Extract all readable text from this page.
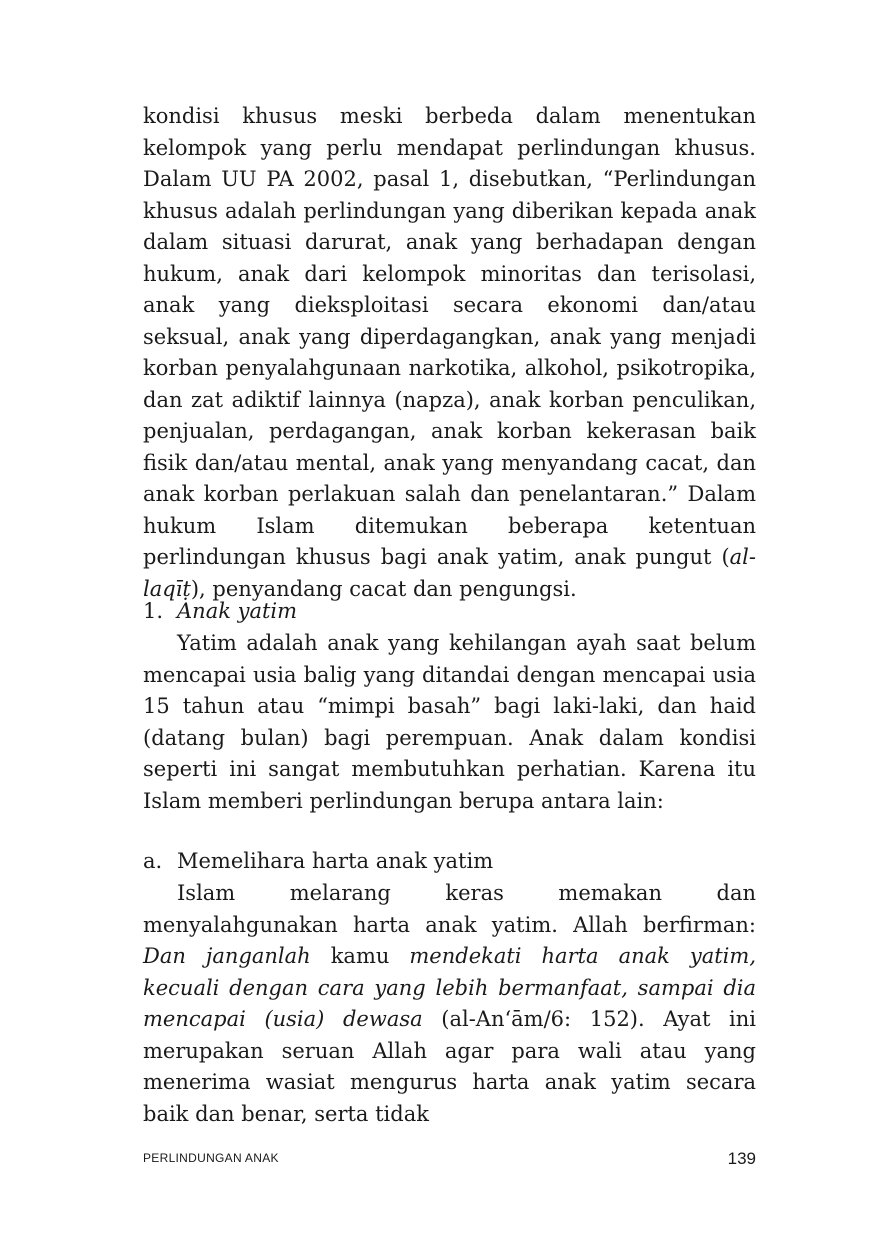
kondisi khusus meski berbeda dalam menentukan kelompok yang perlu mendapat perlindungan khusus. Dalam UU PA 2002, pasal 1, disebutkan, “Perlindungan khusus adalah perlindungan yang diberikan kepada anak dalam situasi darurat, anak yang berhadapan dengan hukum, anak dari kelompok minoritas dan terisolasi, anak yang dieksploitasi secara ekonomi dan/atau seksual, anak yang diperdagangkan, anak yang menjadi korban penyalahgunaan narkotika, alkohol, psikotropika, dan zat adiktif lainnya (napza), anak korban penculikan, penjualan, perdagangan, anak korban kekerasan baik fisik dan/atau mental, anak yang menyandang cacat, dan anak korban perlakuan salah dan penelantaran.” Dalam hukum Islam ditemukan beberapa ketentuan perlindungan khusus bagi anak yatim, anak pungut (al-laqīṭ), penyandang cacat dan pengungsi.

1. Anak yatim

Yatim adalah anak yang kehilangan ayah saat belum mencapai usia balig yang ditandai dengan mencapai usia 15 tahun atau “mimpi basah” bagi laki-laki, dan haid (datang bulan) bagi perempuan. Anak dalam kondisi seperti ini sangat membutuhkan perhatian. Karena itu Islam memberi perlindungan berupa antara lain:

a. Memelihara harta anak yatim

Islam melarang keras memakan dan menyalahgunakan harta anak yatim. Allah berfirman: Dan janganlah kamu mendekati harta anak yatim, kecuali dengan cara yang lebih bermanfaat, sampai dia mencapai (usia) dewasa (al-An‘ām/6: 152). Ayat ini merupakan seruan Allah agar para wali atau yang menerima wasiat mengurus harta anak yatim secara baik dan benar, serta tidak

PERLINDUNGAN ANAK	139
